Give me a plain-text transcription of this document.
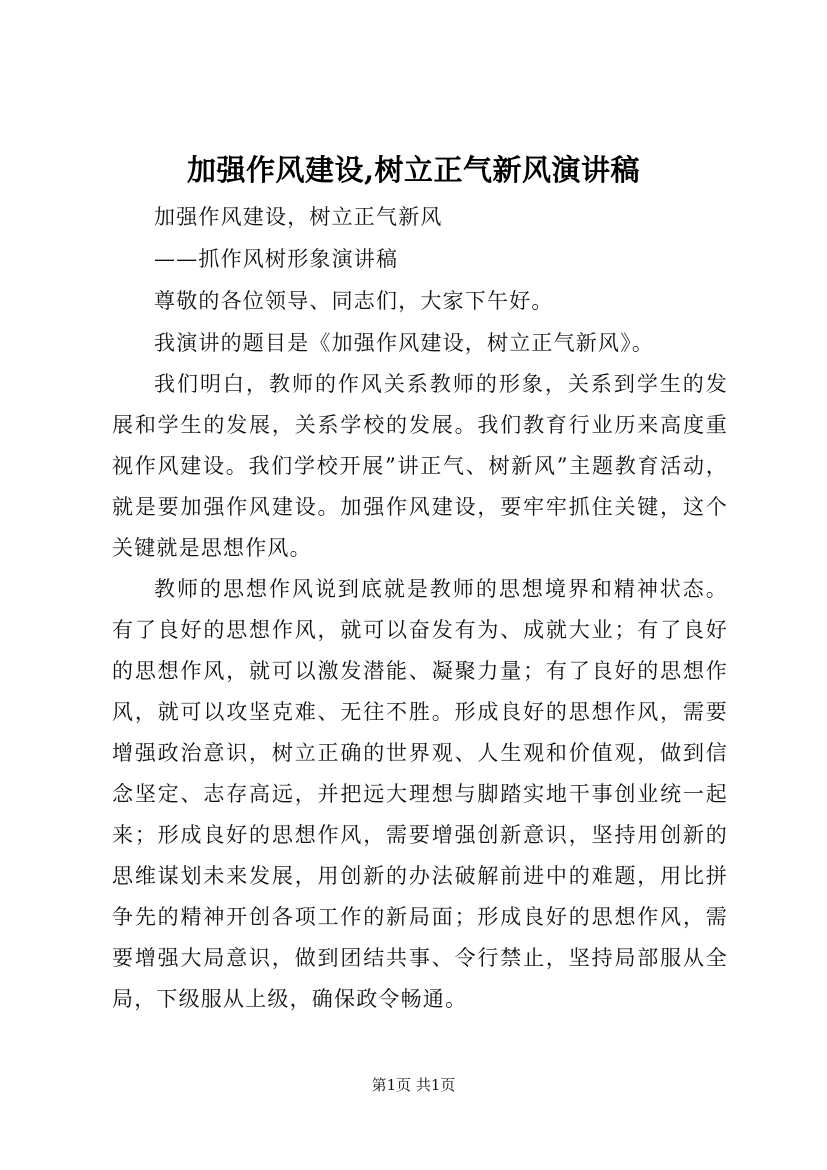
加强作风建设,树立正气新风演讲稿

加强作风建设，树立正气新风

——抓作风树形象演讲稿

尊敬的各位领导、同志们，大家下午好。

我演讲的题目是《加强作风建设，树立正气新风》。

我们明白，教师的作风关系教师的形象，关系到学生的发展和学生的发展，关系学校的发展。我们教育行业历来高度重视作风建设。我们学校开展”讲正气、树新风”主题教育活动，就是要加强作风建设。加强作风建设，要牢牢抓住关键，这个关键就是思想作风。

教师的思想作风说到底就是教师的思想境界和精神状态。有了良好的思想作风，就可以奋发有为、成就大业；有了良好的思想作风，就可以激发潜能、凝聚力量；有了良好的思想作风，就可以攻坚克难、无往不胜。形成良好的思想作风，需要增强政治意识，树立正确的世界观、人生观和价值观，做到信念坚定、志存高远，并把远大理想与脚踏实地干事创业统一起来；形成良好的思想作风，需要增强创新意识，坚持用创新的思维谋划未来发展，用创新的办法破解前进中的难题，用比拼争先的精神开创各项工作的新局面；形成良好的思想作风，需要增强大局意识，做到团结共事、令行禁止，坚持局部服从全局，下级服从上级，确保政令畅通。

第1页 共1页
